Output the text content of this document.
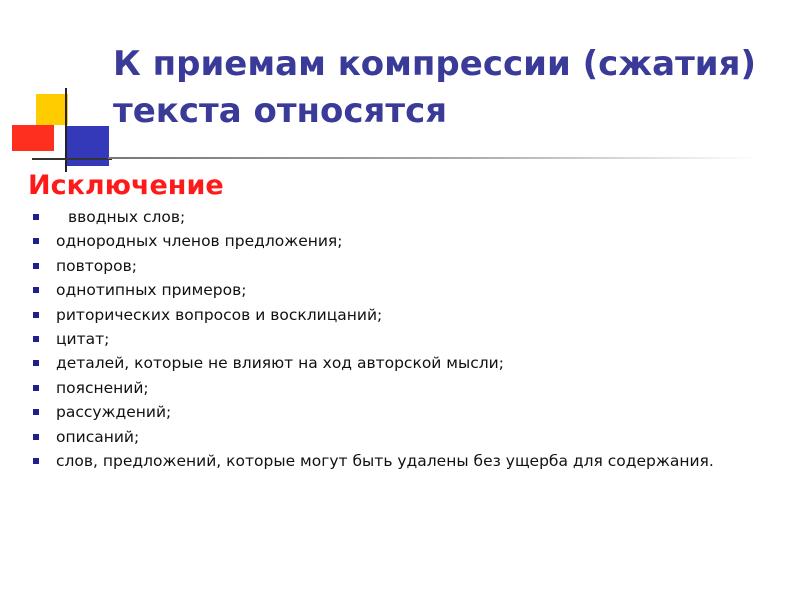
К приемам компрессии (сжатия) текста относятся
Исключение
вводных слов;
однородных членов предложения;
повторов;
однотипных примеров;
риторических вопросов и восклицаний;
цитат;
деталей, которые не влияют на ход авторской мысли;
пояснений;
рассуждений;
описаний;
слов, предложений, которые могут быть удалены без ущерба для содержания.
